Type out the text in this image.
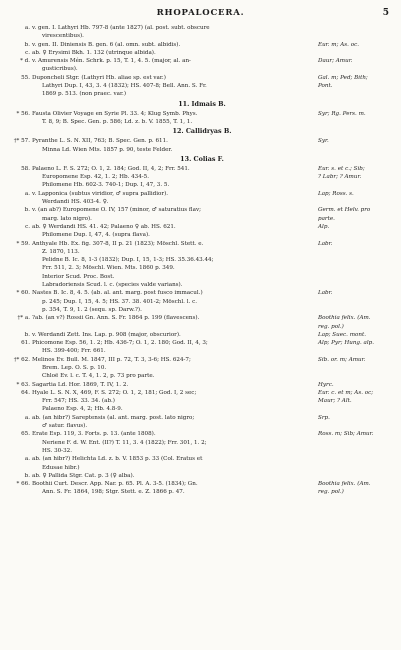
RHOPALOCERA.	5
a. v. gen. I. Lathyri Hb. 797-8 (ante 1827) (al. post. subt. obscure
virescentibus).
b. v. gen. II. Diniensis B. gen. 6 (al. omn. subt. albidis).	Eur. m; As. oc.
c. ab. ♀ Erysimi Bkh. 1. 132 (utrinque albida).
* d. v. Amurensis Mén. Schrk. p. 15, T. 1, 4. 5. (major, al. an-	Daur; Amur.
gusticribus).
55. Duponcheli Stgr. (Lathyri Hb. aliae sp. est var.)	Gal. m; Ped; Bith;
Lathyri Dup. I, 43, 3. 4 (1832); HS. 407-8; Bell. Ann. S. Fr.	Pont.
1869 p. 513. (non praec. var.)
11. Idmais B.
* 56. Fausta Olivier Voyage en Syrie Pl. 33. 4; Klug Symb. Phys.	Syr; Rg. Pers. m.
T. 8, 9; B. Spec. Gen. p. 586; Ld. z. b. V. 1855, T. 1, 1.
12. Callidryas B.
†* 57. Pyranthe L. S. N. XII, 763; B. Spec. Gen. p. 611.	Syr.
Minna Ld. Wien Mts. 1857 p. 90, teste Felder.
13. Colias F.
58. Palaeno L. F. S. 272; O. 1, 2. 184; God. II, 4, 2; Frr. 541.	Eur. s. et c.; Sib;
Europomene Esp. 42, 1. 2; Hb. 434-5.	? Labr; ? Amur.
Philomene Hb. 602-3. 740-1; Dup. I, 47, 3. 5.
a. v. Lapponica (subtus viridior, ♂ supra pallidior).	Lap; Ross. s.
Werdandi HS. 403-4. ♀.
b. v. (an ab?) Europomene O. IV, 157 (minor, ♂ saturatius flav;	Germ. et Helv. pro
marg. lato nigro).	parte.
c. ab. ♀ Werdandi HS. 41. 42; Palaeno ♀ ab. HS. 621.	Alp.
Philomene Dup. I, 47, 4. (supra flava).
* 59. Anthyale Hb. Ex. fig. 307-8, II p. 21 (1823); Möschl. Stett. e.	Labr.
Z. 1870, 113.
Pelidne B. Ic. 8, 1-3 (1832); Dup. I, 15, 1-3; HS. 35.36.43.44;
Frr. 511, 2. 3; Möschl. Wien. Mts. 1860 p. 349.
Interior Scud. Proc. Bost.
Labradoriensis Scud. l. c. (species valde varians).
* 60. Nastes B. Ic. 8, 4. 5. (ab. al. ant. marg. post fusco immacul.)	Labr.
p. 245; Dup. I, 15, 4. 5; HS. 37. 38. 401-2; Möschl. l. c.
p. 354, T. 9, 1. 2 (sequ. sp. Darw.?).
†* a. ?ab. (an v?) Rossii Gn. Ann. S. Fr. 1864 p. 199 (flavescens).	Boothia felix. (Am.
reg. pol.)
b. v. Werdandi Zett. Ins. Lap. p. 908 (major, obscurior).	Lap; Suec. mont.
61. Phicomone Esp. 56, 1. 2; Hb. 436-7; O. 1, 2. 180; God. II, 4, 3;	Alp; Pyr; Hung. alp.
HS. 399-400; Frr. 661.
†* 62. Melinos Ev. Bull. M. 1847, III p. 72, T. 3, 3-6; HS. 624-7;	Sib. or. m; Amur.
Brem. Lep. O. S. p. 10.
Chloë Ev. l. c. T. 4, 1. 2, p. 73 pro parte.
* 63. Sagartia Ld. Hor. 1869, T. IV, 1. 2.	Hyrc.
64. Hyale L. S. N. X, 469, F. S. 272; O. 1, 2, 181; God. I, 2 sec;	Eur. c. et m; As. oc;
Frr. 547; HS. 33. 34. (ab.)	Maur; ? Alt.
Palaeno Esp. 4, 2; Hb. 4.8-9.
a. ab. (an hibr?) Sareptensis (al. ant. marg. post. lato nigro;	Srp.
♂ satur. flavus).
65. Erate Esp. 119, 3. Forts. p. 13. (ante 1808).	Ross. m; Sib; Amur.
Neriene F. d. W. Ent. (II?) T. 11, 3. 4 (1822); Frr. 301, 1. 2;
HS. 30-32.
a. ab. (an hibr?) Helichta Ld. z. b. V. 1853 p. 33 (Col. Eratus et
Edusae hibr.)
b. ab. ♀ Pallida Stgr. Cat. p. 3 (♀ alba).
* 66. Boothii Curt. Descr. App. Nar. p. 65. Pl. A. 3-5. (1834); Gn.	Boothia felix. (Am.
Ann. S. Fr. 1864, 198; Stgr. Stett. e. Z. 1866 p. 47.	reg. pol.)
